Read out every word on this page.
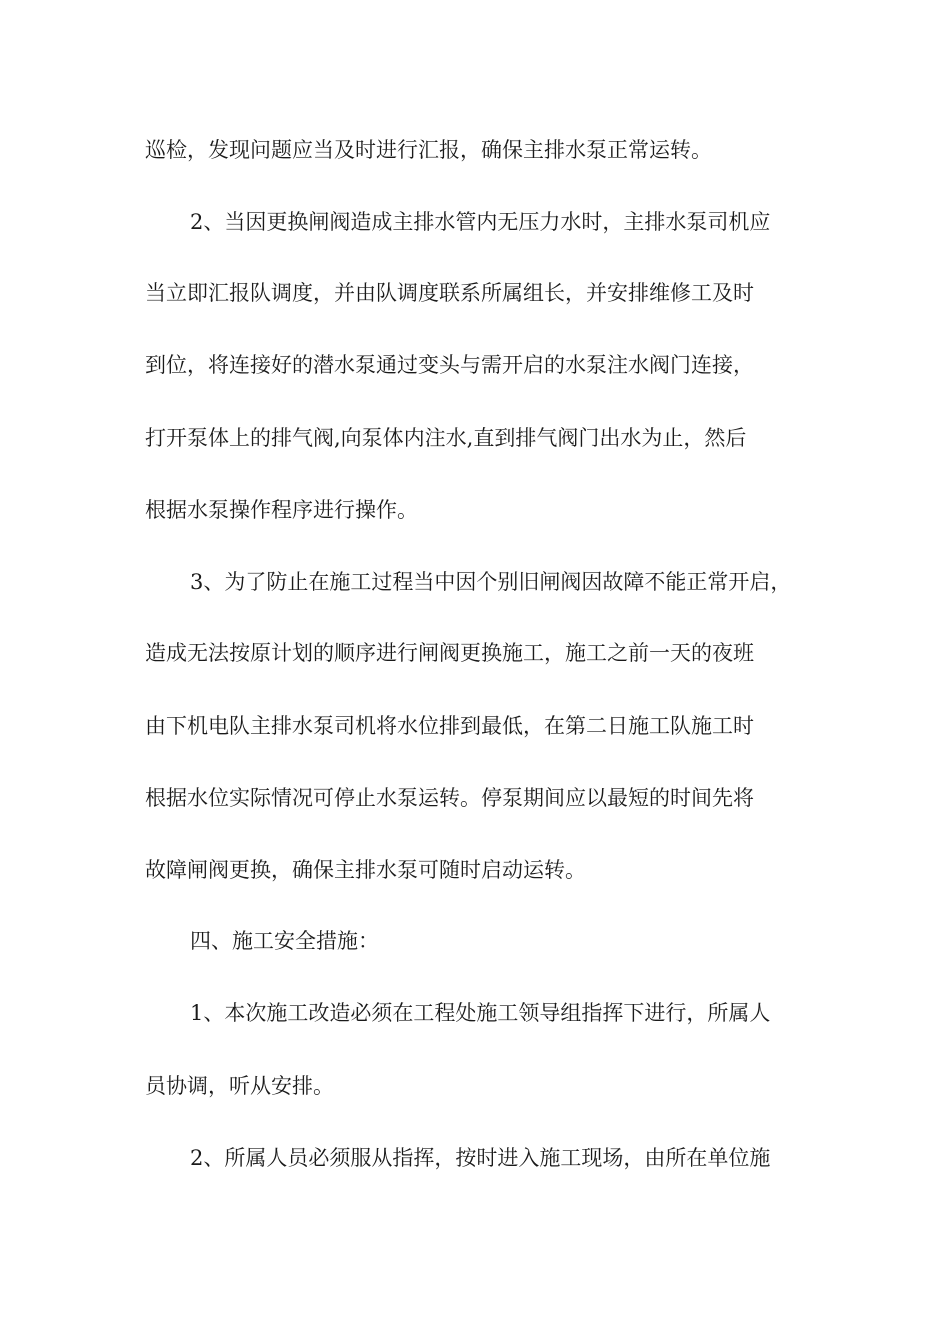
巡检，发现问题应当及时进行汇报，确保主排水泵正常运转。
2、当因更换闸阀造成主排水管内无压力水时，主排水泵司机应
当立即汇报队调度，并由队调度联系所属组长，并安排维修工及时
到位，将连接好的潜水泵通过变头与需开启的水泵注水阀门连接，
打开泵体上的排气阀,向泵体内注水,直到排气阀门出水为止，然后
根据水泵操作程序进行操作。
3、为了防止在施工过程当中因个别旧闸阀因故障不能正常开启，
造成无法按原计划的顺序进行闸阀更换施工，施工之前一天的夜班
由下机电队主排水泵司机将水位排到最低，在第二日施工队施工时
根据水位实际情况可停止水泵运转。停泵期间应以最短的时间先将
故障闸阀更换，确保主排水泵可随时启动运转。
四、施工安全措施：
1、本次施工改造必须在工程处施工领导组指挥下进行，所属人
员协调，听从安排。
2、所属人员必须服从指挥，按时进入施工现场，由所在单位施
